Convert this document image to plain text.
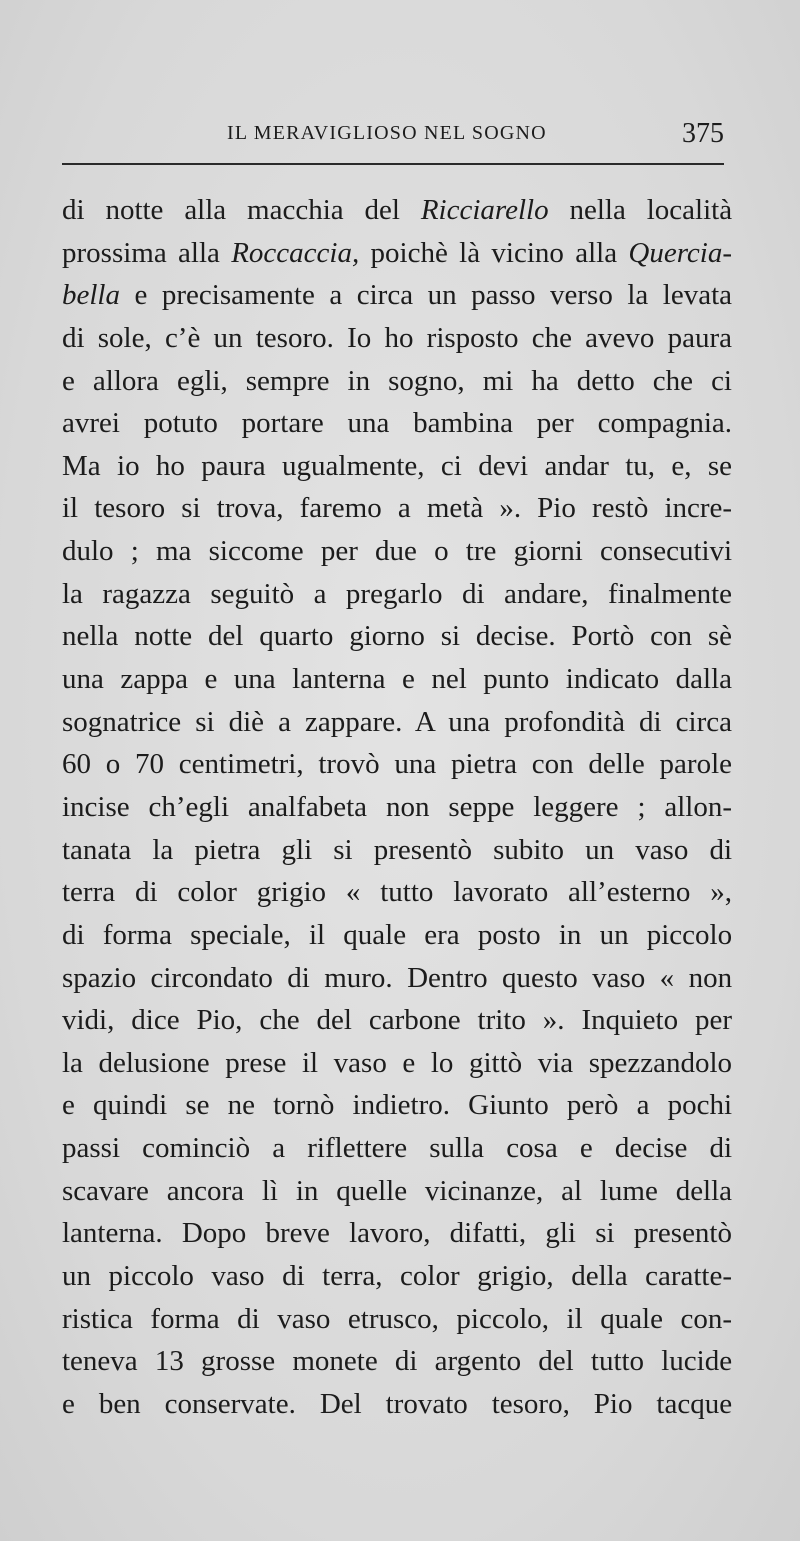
IL MERAVIGLIOSO NEL SOGNO	375
di notte alla macchia del Ricciarello nella località
prossima alla Roccaccia, poichè là vicino alla Quercia-
bella e precisamente a circa un passo verso la levata
di sole, c’è un tesoro. Io ho risposto che avevo paura
e allora egli, sempre in sogno, mi ha detto che ci
avrei potuto portare una bambina per compagnia.
Ma io ho paura ugualmente, ci devi andar tu, e, se
il tesoro si trova, faremo a metà ». Pio restò incre-
dulo ; ma siccome per due o tre giorni consecutivi
la ragazza seguitò a pregarlo di andare, finalmente
nella notte del quarto giorno si decise. Portò con sè
una zappa e una lanterna e nel punto indicato dalla
sognatrice si diè a zappare. A una profondità di circa
60 o 70 centimetri, trovò una pietra con delle parole
incise ch’egli analfabeta non seppe leggere ; allon-
tanata la pietra gli si presentò subito un vaso di
terra di color grigio « tutto lavorato all’esterno »,
di forma speciale, il quale era posto in un piccolo
spazio circondato di muro. Dentro questo vaso « non
vidi, dice Pio, che del carbone trito ». Inquieto per
la delusione prese il vaso e lo gittò via spezzandolo
e quindi se ne tornò indietro. Giunto però a pochi
passi cominciò a riflettere sulla cosa e decise di
scavare ancora lì in quelle vicinanze, al lume della
lanterna. Dopo breve lavoro, difatti, gli si presentò
un piccolo vaso di terra, color grigio, della caratte-
ristica forma di vaso etrusco, piccolo, il quale con-
teneva 13 grosse monete di argento del tutto lucide
e ben conservate. Del trovato tesoro, Pio tacque
